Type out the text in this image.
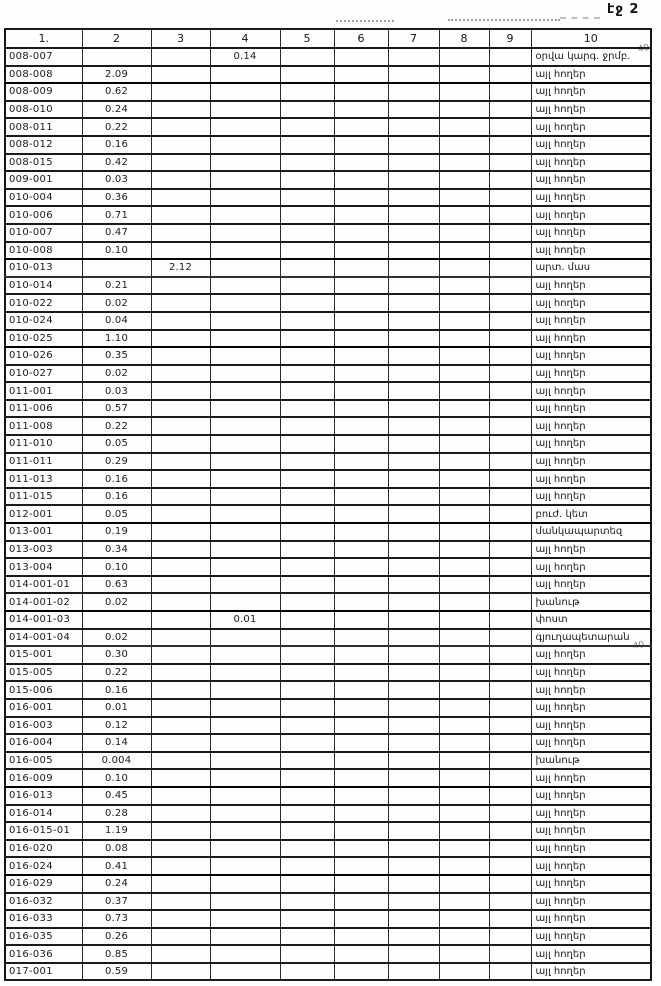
էջ 2
40
40
1.	2	3	4	5	6	7	8	9	10
008-007			0.14						օրվա կարգ. ջրմբ.
008-008	2.09								այլ հողեր
008-009	0.62								այլ հողեր
008-010	0.24								այլ հողեր
008-011	0.22								այլ հողեր
008-012	0.16								այլ հողեր
008-015	0.42								այլ հողեր
009-001	0.03								այլ հողեր
010-004	0.36								այլ հողեր
010-006	0.71								այլ հողեր
010-007	0.47								այլ հողեր
010-008	0.10								այլ հողեր
010-013		2.12							արտ. մաս
010-014	0.21								այլ հողեր
010-022	0.02								այլ հողեր
010-024	0.04								այլ հողեր
010-025	1.10								այլ հողեր
010-026	0.35								այլ հողեր
010-027	0.02								այլ հողեր
011-001	0.03								այլ հողեր
011-006	0.57								այլ հողեր
011-008	0.22								այլ հողեր
011-010	0.05								այլ հողեր
011-011	0.29								այլ հողեր
011-013	0.16								այլ հողեր
011-015	0.16								այլ հողեր
012-001	0.05								բուժ. կետ
013-001	0.19								մանկապարտեզ
013-003	0.34								այլ հողեր
013-004	0.10								այլ հողեր
014-001-01	0.63								այլ հողեր
014-001-02	0.02								խանութ
014-001-03			0.01						փոստ
014-001-04	0.02								գյուղապետարան
015-001	0.30								այլ հողեր
015-005	0.22								այլ հողեր
015-006	0.16								այլ հողեր
016-001	0.01								այլ հողեր
016-003	0.12								այլ հողեր
016-004	0.14								այլ հողեր
016-005	0.004								խանութ
016-009	0.10								այլ հողեր
016-013	0.45								այլ հողեր
016-014	0.28								այլ հողեր
016-015-01	1.19								այլ հողեր
016-020	0.08								այլ հողեր
016-024	0.41								այլ հողեր
016-029	0.24								այլ հողեր
016-032	0.37								այլ հողեր
016-033	0.73								այլ հողեր
016-035	0.26								այլ հողեր
016-036	0.85								այլ հողեր
017-001	0.59								այլ հողեր
